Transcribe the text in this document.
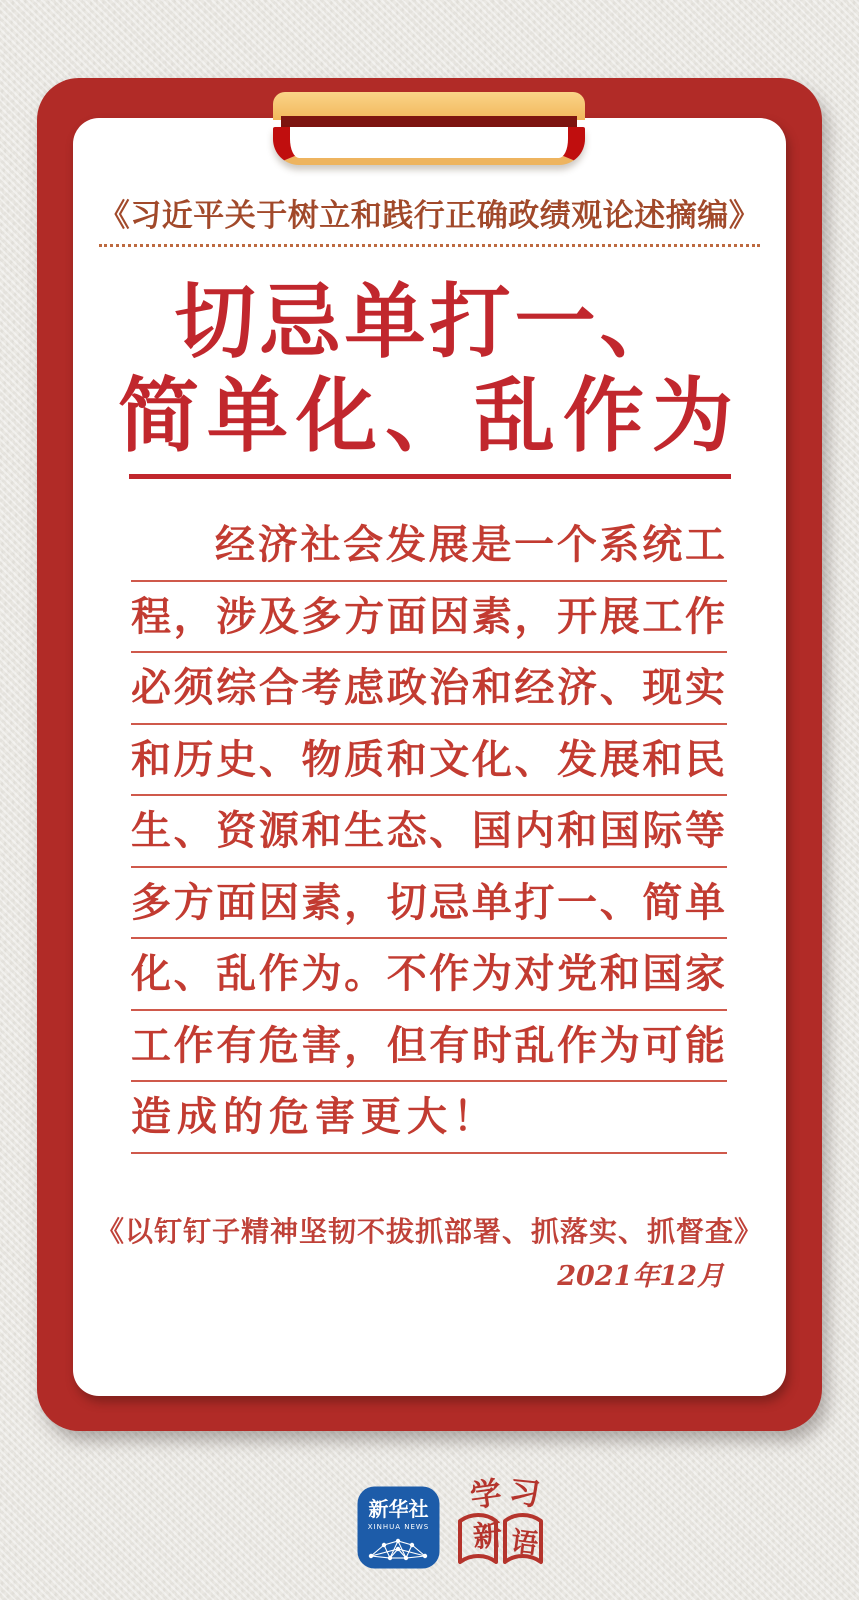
《习近平关于树立和践行正确政绩观论述摘编》
切忌单打一、
简单化、乱作为
经济社会发展是一个系统工
程，涉及多方面因素，开展工作
必须综合考虑政治和经济、现实
和历史、物质和文化、发展和民
生、资源和生态、国内和国际等
多方面因素，切忌单打一、简单
化、乱作为。不作为对党和国家
工作有危害，但有时乱作为可能
造成的危害更大！
《以钉钉子精神坚韧不拔抓部署、抓落实、抓督查》
2021年12月
新华社
XINHUA NEWS
学 习
新 语
